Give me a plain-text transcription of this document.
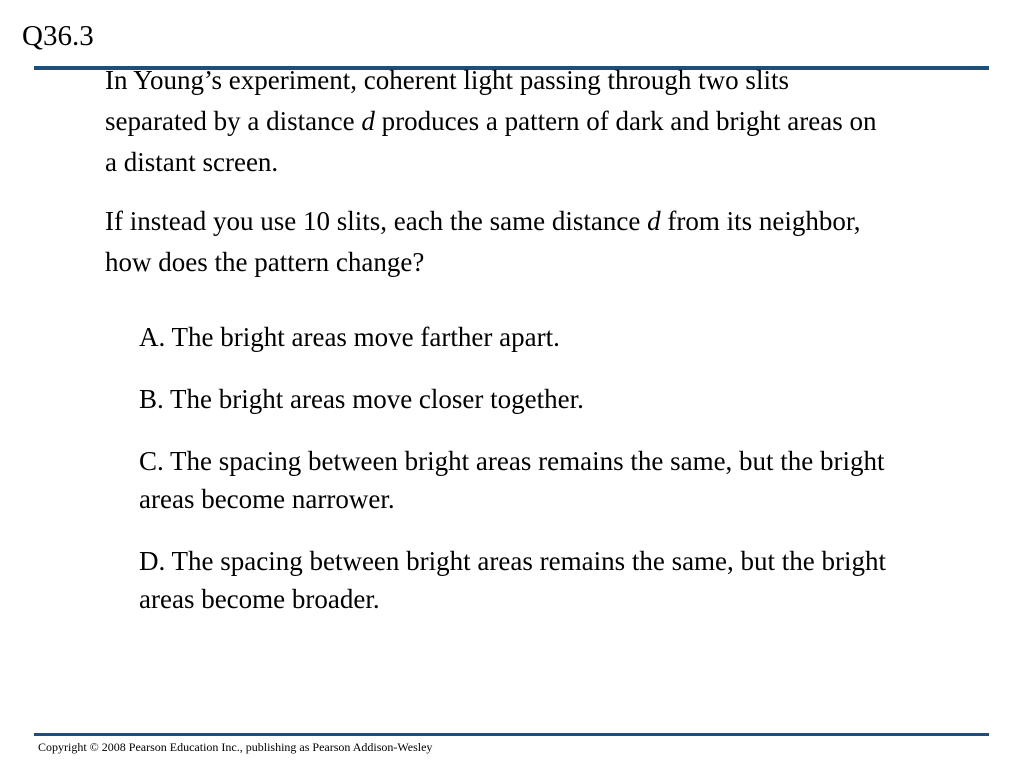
Q36.3

In Young’s experiment, coherent light passing through two slits separated by a distance d produces a pattern of dark and bright areas on a distant screen.

If instead you use 10 slits, each the same distance d from its neighbor, how does the pattern change?

A. The bright areas move farther apart.

B. The bright areas move closer together.

C. The spacing between bright areas remains the same, but the bright areas become narrower.

D. The spacing between bright areas remains the same, but the bright areas become broader.

Copyright © 2008 Pearson Education Inc., publishing as Pearson Addison-Wesley
